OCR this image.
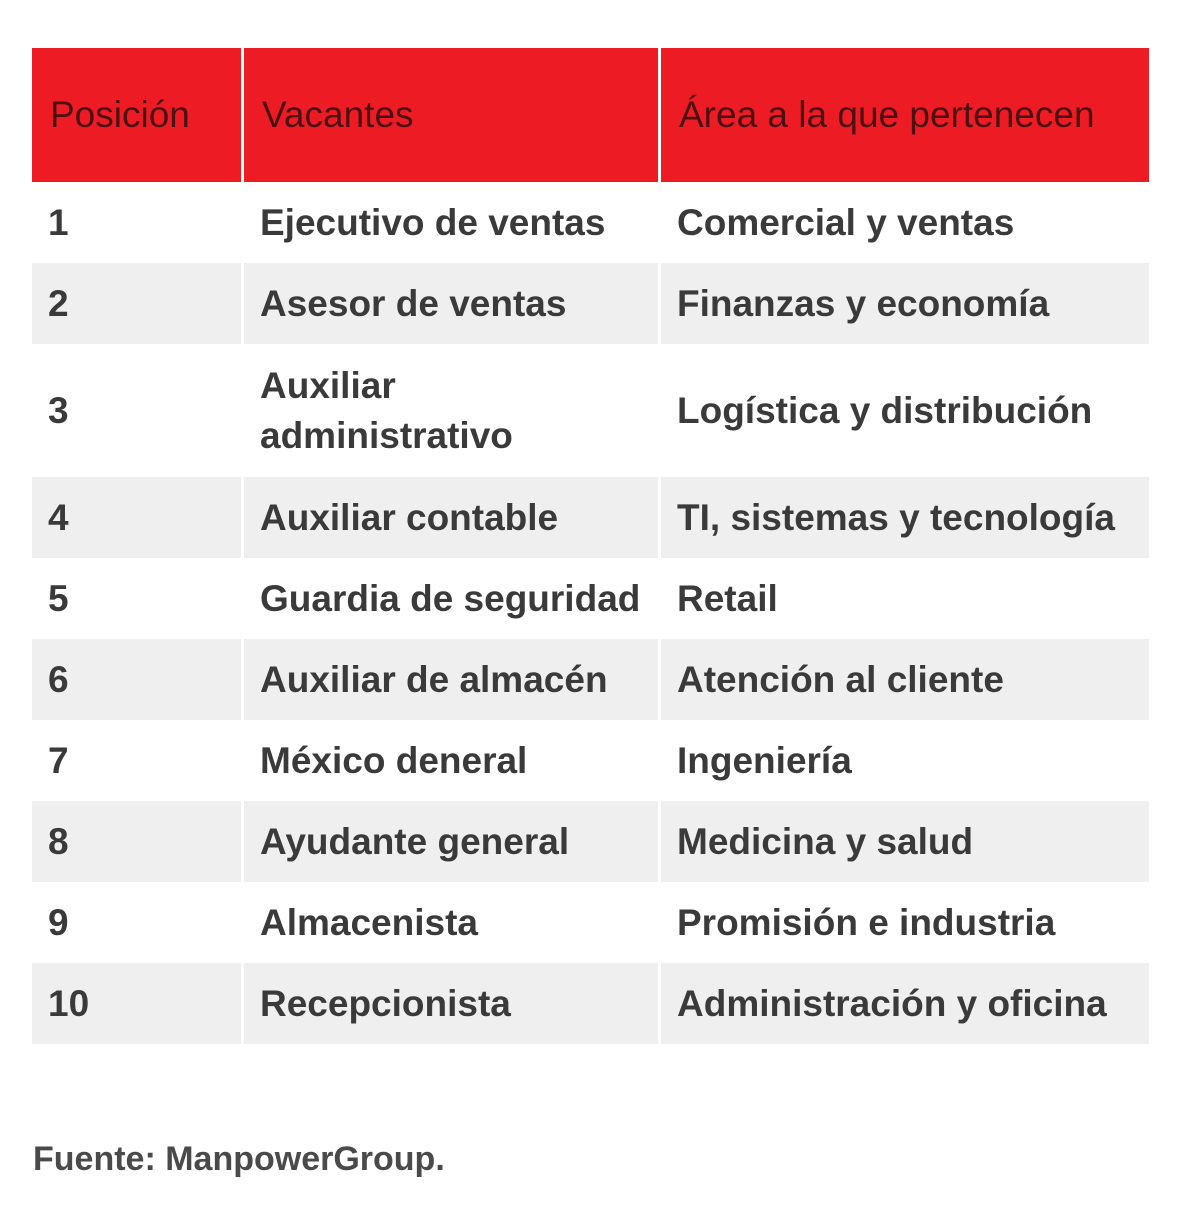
Posición	Vacantes	Área a la que pertenecen
1	Ejecutivo de ventas	Comercial y ventas
2	Asesor de ventas	Finanzas y economía
3	Auxiliar administrativo	Logística y distribución
4	Auxiliar contable	TI, sistemas y tecnología
5	Guardia de seguridad	Retail
6	Auxiliar de almacén	Atención al cliente
7	México deneral	Ingeniería
8	Ayudante general	Medicina y salud
9	Almacenista	Promisión e industria
10	Recepcionista	Administración y oficina
Fuente: ManpowerGroup.
